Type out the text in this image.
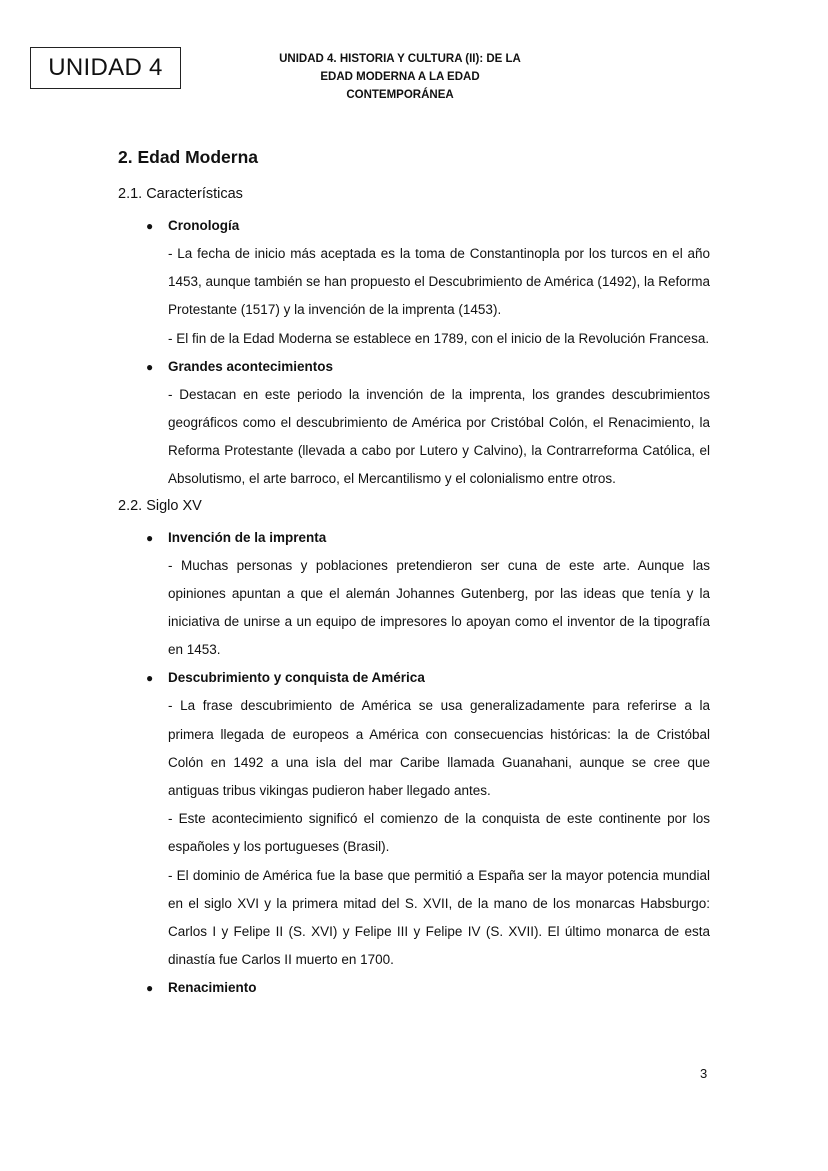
UNIDAD 4	UNIDAD 4. HISTORIA Y CULTURA (II): DE LA
EDAD MODERNA A LA EDAD
CONTEMPORÁNEA
2. Edad Moderna
2.1. Características
● Cronología
- La fecha de inicio más aceptada es la toma de Constantinopla por los turcos en el año 1453, aunque también se han propuesto el Descubrimiento de América (1492), la Reforma Protestante (1517) y la invención de la imprenta (1453).
- El fin de la Edad Moderna se establece en 1789, con el inicio de la Revolución Francesa.
● Grandes acontecimientos
- Destacan en este periodo la invención de la imprenta, los grandes descubrimientos geográficos como el descubrimiento de América por Cristóbal Colón, el Renacimiento, la Reforma Protestante (llevada a cabo por Lutero y Calvino), la Contrarreforma Católica, el Absolutismo, el arte barroco, el Mercantilismo y el colonialismo entre otros.
2.2. Siglo XV
● Invención de la imprenta
- Muchas personas y poblaciones pretendieron ser cuna de este arte. Aunque las opiniones apuntan a que el alemán Johannes Gutenberg, por las ideas que tenía y la iniciativa de unirse a un equipo de impresores lo apoyan como el inventor de la tipografía en 1453.
● Descubrimiento y conquista de América
- La frase descubrimiento de América se usa generalizadamente para referirse a la primera llegada de europeos a América con consecuencias históricas: la de Cristóbal Colón en 1492 a una isla del mar Caribe llamada Guanahani, aunque se cree que antiguas tribus vikingas pudieron haber llegado antes.
- Este acontecimiento significó el comienzo de la conquista de este continente por los españoles y los portugueses (Brasil).
- El dominio de América fue la base que permitió a España ser la mayor potencia mundial en el siglo XVI y la primera mitad del S. XVII, de la mano de los monarcas Habsburgo: Carlos I y Felipe II (S. XVI) y Felipe III y Felipe IV (S. XVII). El último monarca de esta dinastía fue Carlos II muerto en 1700.
● Renacimiento
3
